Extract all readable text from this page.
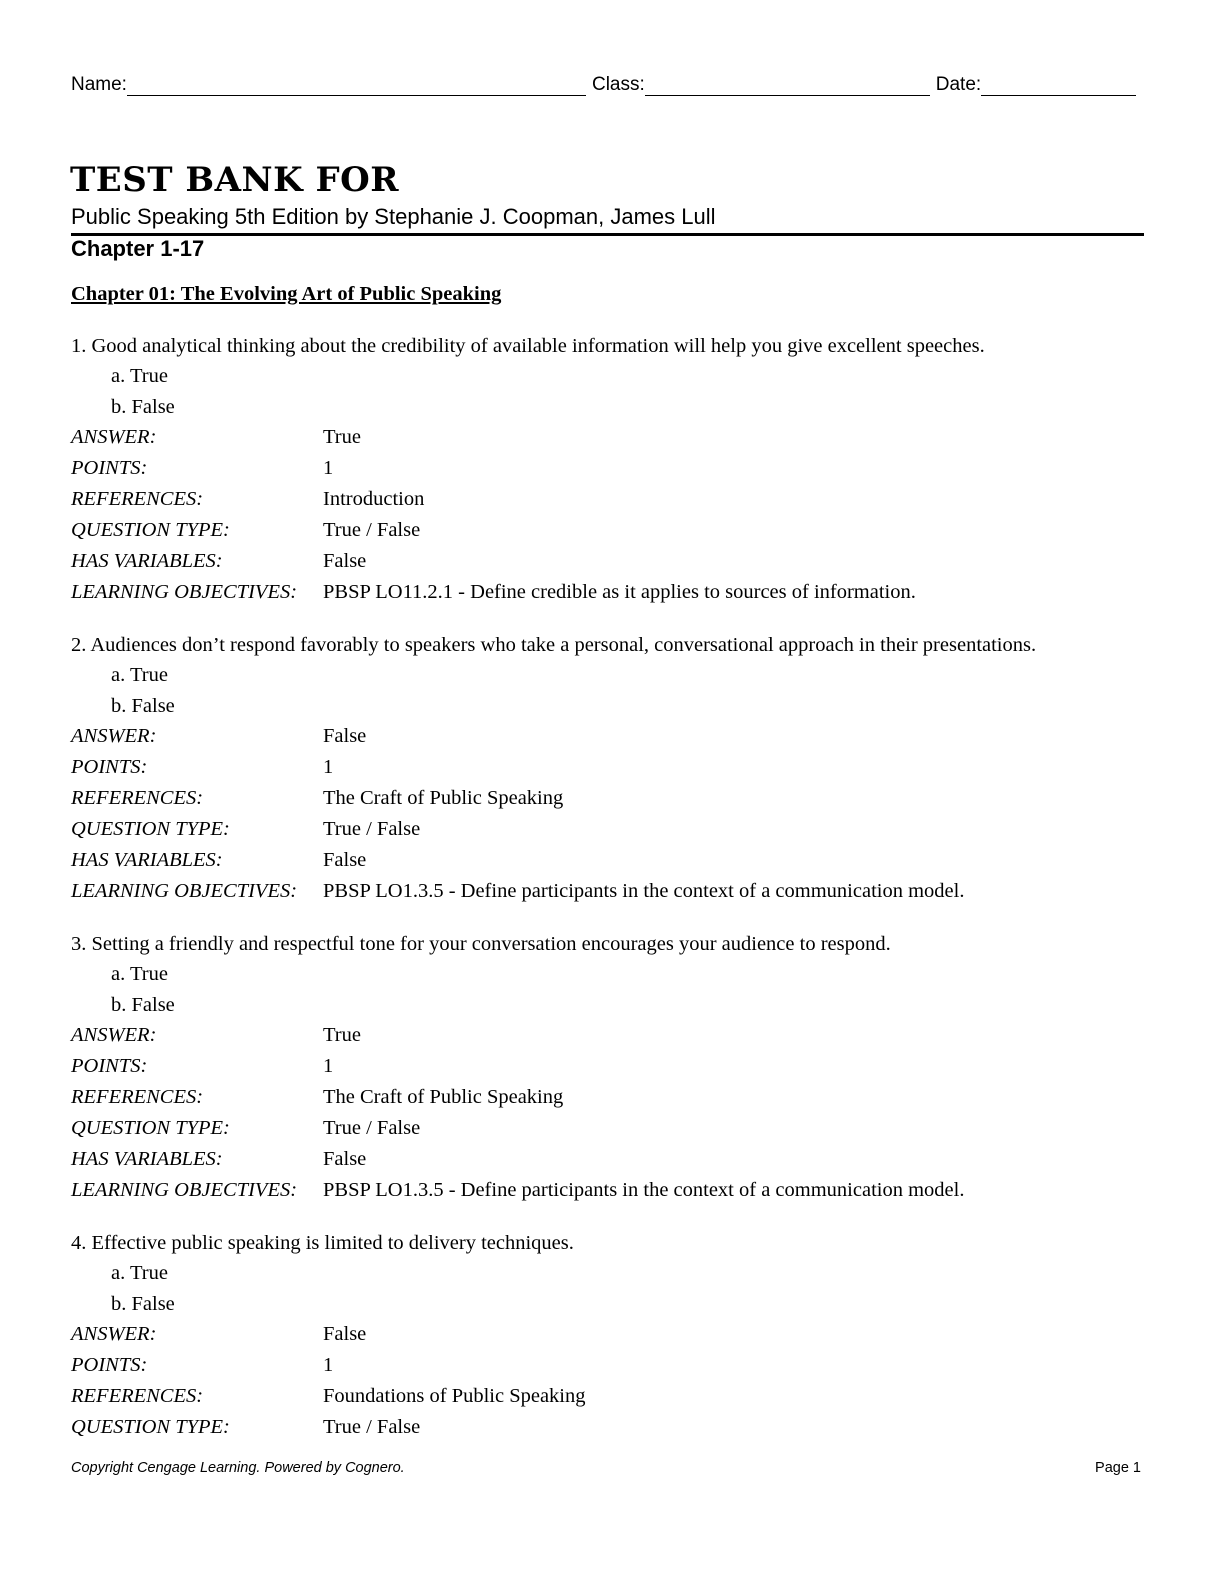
Name:	Class:	Date:
TEST BANK FOR
Public Speaking 5th Edition by Stephanie J. Coopman, James Lull
Chapter 1-17
Chapter 01: The Evolving Art of Public Speaking
1. Good analytical thinking about the credibility of available information will help you give excellent speeches.
a. True
b. False
ANSWER:	True
POINTS:	1
REFERENCES:	Introduction
QUESTION TYPE:	True / False
HAS VARIABLES:	False
LEARNING OBJECTIVES:	PBSP LO11.2.1 - Define credible as it applies to sources of information.
2. Audiences don’t respond favorably to speakers who take a personal, conversational approach in their presentations.
a. True
b. False
ANSWER:	False
POINTS:	1
REFERENCES:	The Craft of Public Speaking
QUESTION TYPE:	True / False
HAS VARIABLES:	False
LEARNING OBJECTIVES:	PBSP LO1.3.5 - Define participants in the context of a communication model.
3. Setting a friendly and respectful tone for your conversation encourages your audience to respond.
a. True
b. False
ANSWER:	True
POINTS:	1
REFERENCES:	The Craft of Public Speaking
QUESTION TYPE:	True / False
HAS VARIABLES:	False
LEARNING OBJECTIVES:	PBSP LO1.3.5 - Define participants in the context of a communication model.
4. Effective public speaking is limited to delivery techniques.
a. True
b. False
ANSWER:	False
POINTS:	1
REFERENCES:	Foundations of Public Speaking
QUESTION TYPE:	True / False
Copyright Cengage Learning. Powered by Cognero.	Page 1
